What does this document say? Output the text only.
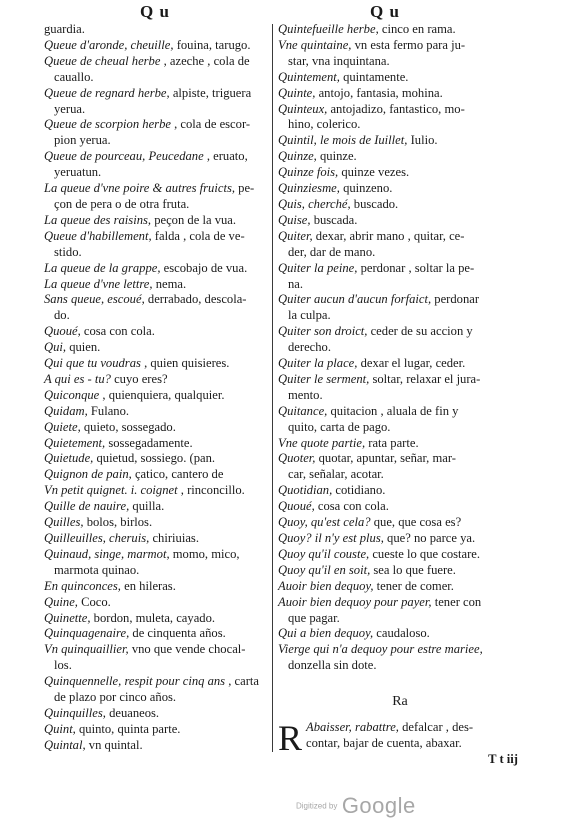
Q u	Q u
guardia.
Queue d'aronde, cheuille, fouina, tarugo.
Queue de cheual herbe , azeche , cola de
cauallo.
Queue de regnard herbe, alpiste, triguera
yerua.
Queue de scorpion herbe , cola de escor-
pion yerua.
Queue de pourceau, Peucedane , eruato,
yeruatun.
La queue d'vne poire & autres fruicts, pe-
çon de pera o de otra fruta.
La queue des raisins, peçon de la vua.
Queue d'habillement, falda , cola de ve-
stido.
La queue de la grappe, escobajo de vua.
La queue d'vne lettre, nema.
Sans queue, escoué, derrabado, descola-
do.
Quoué, cosa con cola.
Qui, quien.
Qui que tu voudras , quien quisieres.
A qui es - tu? cuyo eres?
Quiconque , quienquiera, qualquier.
Quidam, Fulano.
Quiete, quieto, sossegado.
Quietement, sossegadamente.
Quietude, quietud, sossiego. (pan.
Quignon de pain, çatico, cantero de
Vn petit quignet. i. coignet , rinconcillo.
Quille de nauire, quilla.
Quilles, bolos, birlos.
Quilleuilles, cheruis, chiriuias.
Quinaud, singe, marmot, momo, mico,
marmota quinao.
En quinconces, en hileras.
Quine, Coco.
Quinette, bordon, muleta, cayado.
Quinquagenaire, de cinquenta años.
Vn quinquaillier, vno que vende chocal-
los.
Quinquennelle, respit pour cinq ans , carta
de plazo por cinco años.
Quinquilles, deuaneos.
Quint, quinto, quinta parte.
Quintal, vn quintal.
Quintefueille herbe, cinco en rama.
Vne quintaine, vn esta fermo para ju-
star, vna inquintana.
Quintement, quintamente.
Quinte, antojo, fantasia, mohina.
Quinteux, antojadizo, fantastico, mo-
hino, colerico.
Quintil, le mois de Iuillet, Iulio.
Quinze, quinze.
Quinze fois, quinze vezes.
Quinziesme, quinzeno.
Quis, cherché, buscado.
Quise, buscada.
Quiter, dexar, abrir mano , quitar, ce-
der, dar de mano.
Quiter la peine, perdonar , soltar la pe-
na.
Quiter aucun d'aucun forfaict, perdonar
la culpa.
Quiter son droict, ceder de su accion y
derecho.
Quiter la place, dexar el lugar, ceder.
Quiter le serment, soltar, relaxar el jura-
mento.
Quitance, quitacion , aluala de fin y
quito, carta de pago.
Vne quote partie, rata parte.
Quoter, quotar, apuntar, señar, mar-
car, señalar, acotar.
Quotidian, cotidiano.
Quoué, cosa con cola.
Quoy, qu'est cela? que, que cosa es?
Quoy? il n'y est plus, que? no parce ya.
Quoy qu'il couste, cueste lo que costare.
Quoy qu'il en soit, sea lo que fuere.
Auoir bien dequoy, tener de comer.
Auoir bien dequoy pour payer, tener con
que pagar.
Qui a bien dequoy, caudaloso.
Vierge qui n'a dequoy pour estre mariee,
donzella sin dote.
Ra
R Abaisser, rabattre, defalcar , des-
contar, bajar de cuenta, abaxar.
T t iij
Digitized by Google
